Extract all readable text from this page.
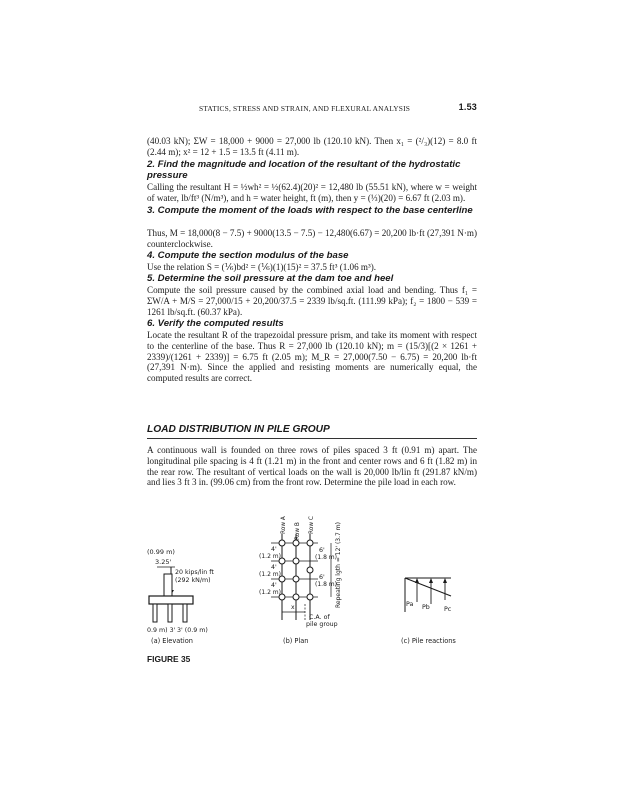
STATICS, STRESS AND STRAIN, AND FLEXURAL ANALYSIS	1.53
(40.03 kN); ΣW = 18,000 + 9000 = 27,000 lb (120.10 kN). Then x₁ = (²/₃)(12) = 8.0 ft (2.44 m); x² = 12 + 1.5 = 13.5 ft (4.11 m).
2. Find the magnitude and location of the resultant of the hydrostatic pressure
Calling the resultant H = ½wh² = ½(62.4)(20)² = 12,480 lb (55.51 kN), where w = weight of water, lb/ft³ (N/m³), and h = water height, ft (m), then y = (⅓)(20) = 6.67 ft (2.03 m).
3. Compute the moment of the loads with respect to the base centerline
Thus, M = 18,000(8 − 7.5) + 9000(13.5 − 7.5) − 12,480(6.67) = 20,200 lb·ft (27,391 N·m) counterclockwise.
4. Compute the section modulus of the base
Use the relation S = (⅙)bd² = (⅙)(1)(15)² = 37.5 ft³ (1.06 m³).
5. Determine the soil pressure at the dam toe and heel
Compute the soil pressure caused by the combined axial load and bending. Thus f₁ = ΣW/A + M/S = 27,000/15 + 20,200/37.5 = 2339 lb/sq.ft. (111.99 kPa); f₂ = 1800 − 539 = 1261 lb/sq.ft. (60.37 kPa).
6. Verify the computed results
Locate the resultant R of the trapezoidal pressure prism, and take its moment with respect to the centerline of the base. Thus R = 27,000 lb (120.10 kN); m = (15/3)[(2 × 1261 + 2339)/(1261 + 2339)] = 6.75 ft (2.05 m); M_R = 27,000(7.50 − 6.75) = 20,200 lb·ft (27,391 N·m). Since the applied and resisting moments are numerically equal, the computed results are correct.
LOAD DISTRIBUTION IN PILE GROUP
A continuous wall is founded on three rows of piles spaced 3 ft (0.91 m) apart. The longitudinal pile spacing is 4 ft (1.21 m) in the front and center rows and 6 ft (1.82 m) in the rear row. The resultant of vertical loads on the wall is 20,000 lb/lin ft (291.87 kN/m) and lies 3 ft 3 in. (99.06 cm) from the front row. Determine the pile load in each row.
(0.99 m)
3.25'
20 kips/lin ft
(292 kN/m)
0.9 m) 3' 3' (0.9 m)
(a) Elevation
Row A Row B Row C
4'
(1.2 m)
4'
(1.2 m)
4'
(1.2 m)
6'
(1.8 m)
6'
(1.8 m)
Repeating lgth = 12' (3.7 m)
x
C.A. of
pile group
(b) Plan
Pa Pb Pc
(c) Pile reactions
FIGURE 35
